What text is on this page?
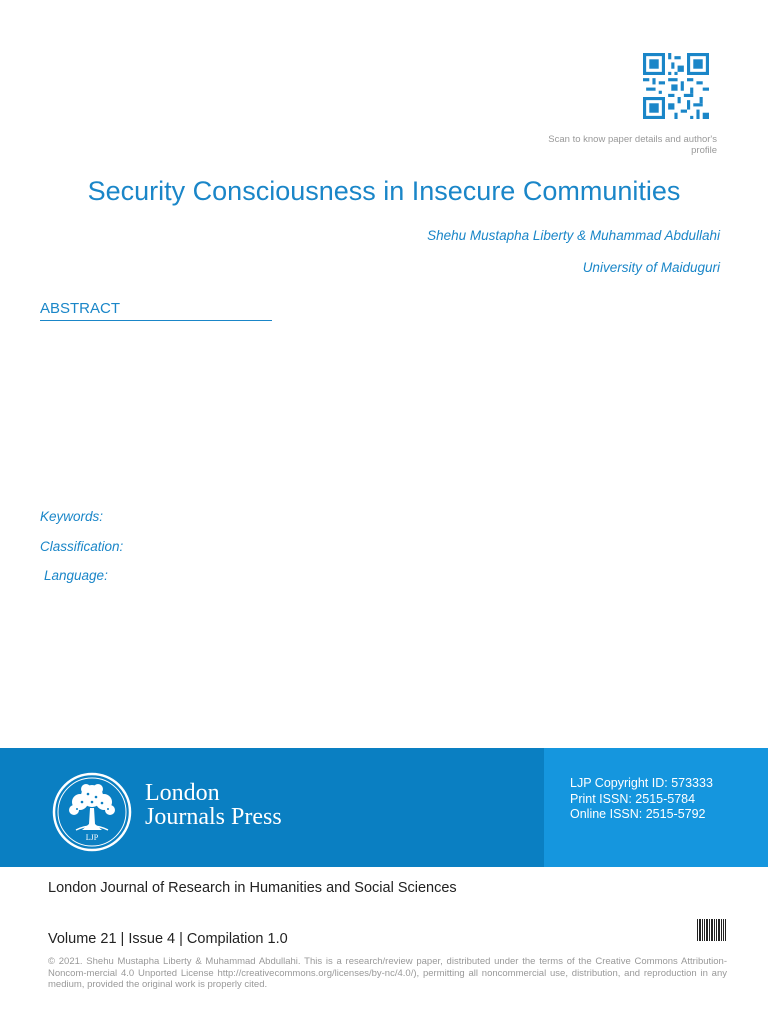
Scan to know paper details and author's profile
Security Consciousness in Insecure Communities
Shehu Mustapha Liberty & Muhammad Abdullahi
University of Maiduguri
ABSTRACT
Keywords:
Classification:
Language:
LJP
London
Journals Press
LJP Copyright ID: 573333
Print ISSN: 2515-5784
Online ISSN: 2515-5792
London Journal of Research in Humanities and Social Sciences
Volume 21 | Issue 4 | Compilation 1.0
© 2021. Shehu Mustapha Liberty & Muhammad Abdullahi. This is a research/review paper, distributed under the terms of the Creative Commons Attribution-Noncom-mercial 4.0 Unported License http://creativecommons.org/licenses/by-nc/4.0/), permitting all noncommercial use, distribution, and reproduction in any medium, provided the original work is properly cited.
